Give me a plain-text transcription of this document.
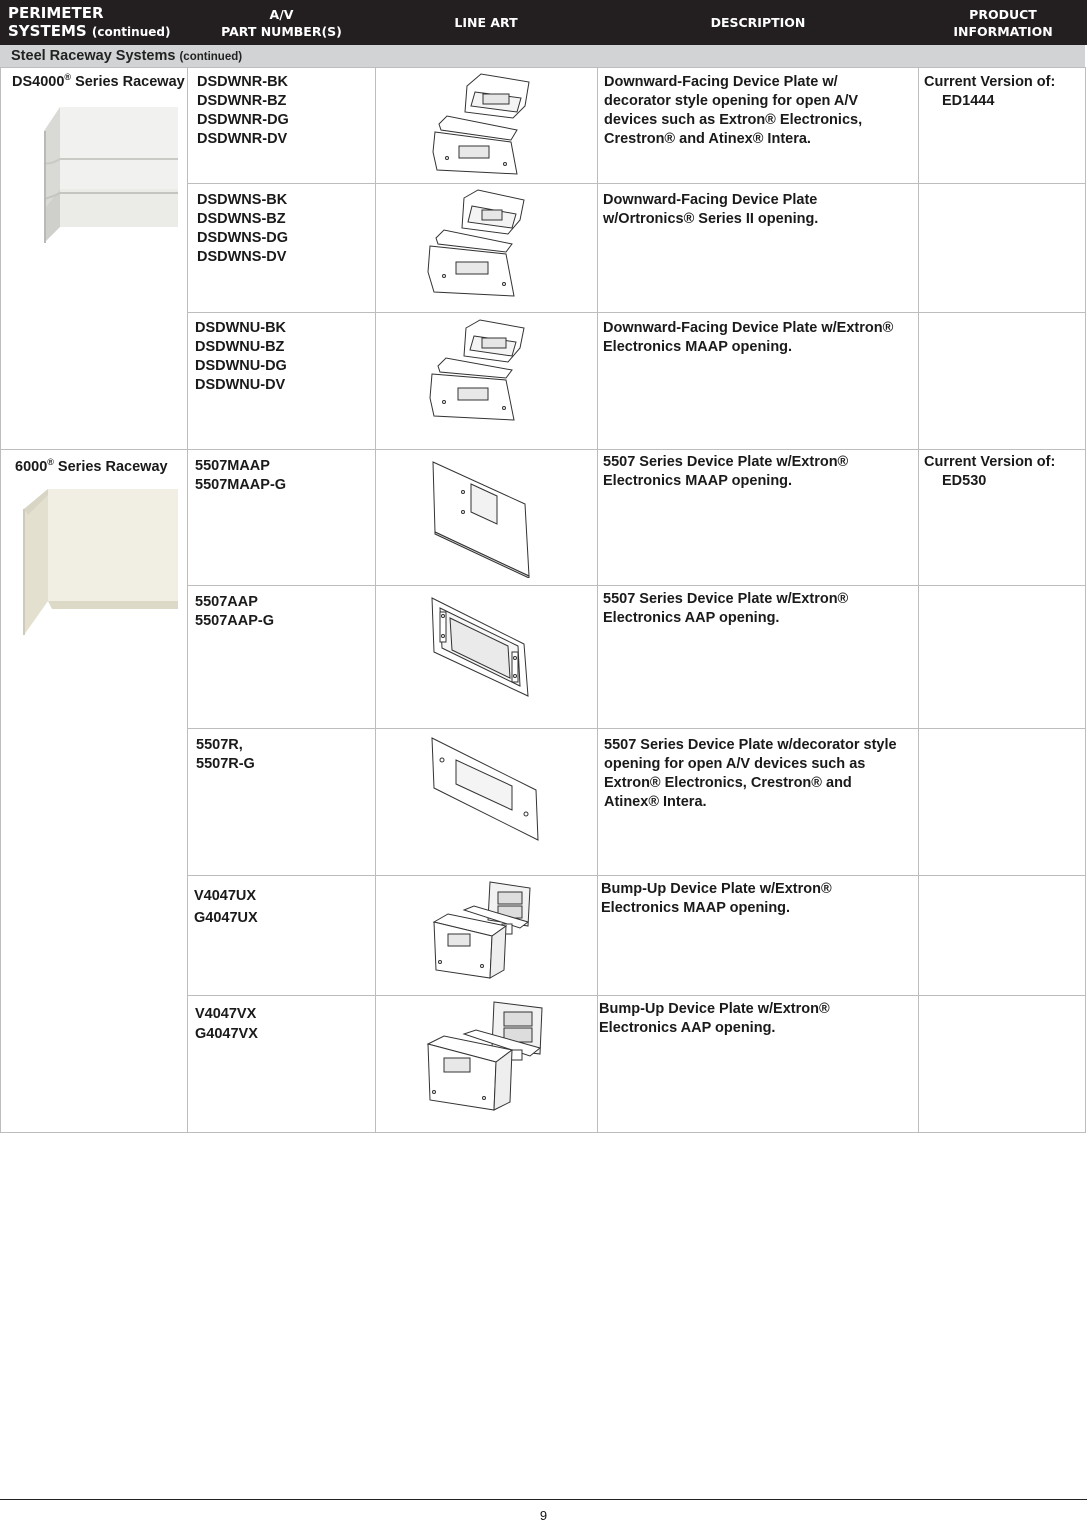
PERIMETER
SYSTEMS (continued)
A/V
PART NUMBER(S)
LINE ART	DESCRIPTION
PRODUCT
INFORMATION
Steel Raceway Systems (continued)
DS4000® Series Raceway
6000® Series Raceway
DSDWNR-BK
DSDWNR-BZ
DSDWNR-DG
DSDWNR-DV
Downward-Facing Device Plate w/ decorator style opening for open A/V devices such as Extron® Electronics, Crestron® and Atinex® Intera.
Current Version of:
ED1444
DSDWNS-BK
DSDWNS-BZ
DSDWNS-DG
DSDWNS-DV
Downward-Facing Device Plate w/Ortronics® Series II opening.
DSDWNU-BK
DSDWNU-BZ
DSDWNU-DG
DSDWNU-DV
Downward-Facing Device Plate w/Extron® Electronics MAAP opening.
5507MAAP
5507MAAP-G
5507 Series Device Plate w/Extron® Electronics MAAP opening.
Current Version of:
ED530
5507AAP
5507AAP-G
5507 Series Device Plate w/Extron® Electronics AAP opening.
5507R,
5507R-G
5507 Series Device Plate w/decorator style opening for open A/V devices such as Extron® Electronics, Crestron® and Atinex® Intera.
V4047UX
G4047UX
Bump-Up Device Plate w/Extron® Electronics MAAP opening.
V4047VX
G4047VX
Bump-Up Device Plate w/Extron® Electronics AAP opening.
9
